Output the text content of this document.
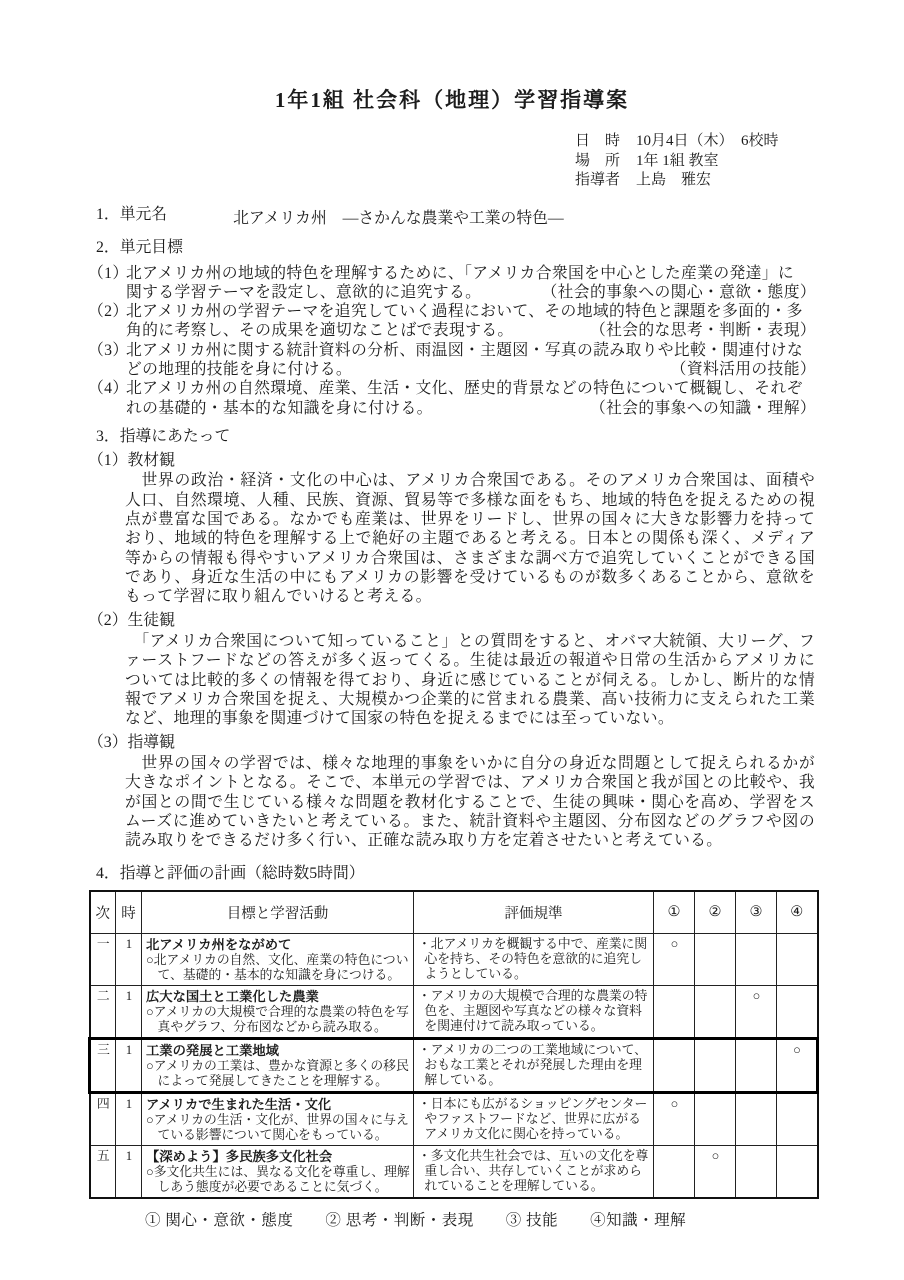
1年1組 社会科（地理）学習指導案
日　時 10月4日（木）　6校時
場　所 1年 1組 教室
指導者 上島　雅宏
1．単元名	北アメリカ州　―さかんな農業や工業の特色―
2．単元目標
（1）
北アメリカ州の地域的特色を理解するために、「アメリカ合衆国を中心とした産業の発達」に
関する学習テーマを設定し、意欲的に追究する。	（社会的事象への関心・意欲・態度）
（2）
北アメリカ州の学習テーマを追究していく過程において、その地域的特色と課題を多面的・多
角的に考察し、その成果を適切なことばで表現する。	（社会的な思考・判断・表現）
（3）
北アメリカ州に関する統計資料の分析、雨温図・主題図・写真の読み取りや比較・関連付けな
どの地理的技能を身に付ける。	（資料活用の技能）
（4）
北アメリカ州の自然環境、産業、生活・文化、歴史的背景などの特色について概観し、それぞ
れの基礎的・基本的な知識を身に付ける。	（社会的事象への知識・理解）
3．指導にあたって
（1）教材観

　世界の政治・経済・文化の中心は、アメリカ合衆国である。そのアメリカ合衆国は、面積や人口、自然環境、人種、民族、資源、貿易等で多様な面をもち、地域的特色を捉えるための視点が豊富な国である。なかでも産業は、世界をリードし、世界の国々に大きな影響力を持っており、地域的特色を理解する上で絶好の主題であると考える。日本との関係も深く、メディア等からの情報も得やすいアメリカ合衆国は、さまざまな調べ方で追究していくことができる国であり、身近な生活の中にもアメリカの影響を受けているものが数多くあることから、意欲をもって学習に取り組んでいけると考える。

（2）生徒観

　「アメリカ合衆国について知っていること」との質問をすると、オバマ大統領、大リーグ、ファーストフードなどの答えが多く返ってくる。生徒は最近の報道や日常の生活からアメリカについては比較的多くの情報を得ており、身近に感じていることが伺える。しかし、断片的な情報でアメリカ合衆国を捉え、大規模かつ企業的に営まれる農業、高い技術力に支えられた工業など、地理的事象を関連づけて国家の特色を捉えるまでには至っていない。

（3）指導観

　世界の国々の学習では、様々な地理的事象をいかに自分の身近な問題として捉えられるかが大きなポイントとなる。そこで、本単元の学習では、アメリカ合衆国と我が国との比較や、我が国との間で生じている様々な問題を教材化することで、生徒の興味・関心を高め、学習をスムーズに進めていきたいと考えている。また、統計資料や主題図、分布図などのグラフや図の読み取りをできるだけ多く行い、正確な読み取り方を定着させたいと考えている。

4．指導と評価の計画（総時数5時間）
次	時	目標と学習活動	評価規準	①	②	③	④
一	1	北アメリカ州をながめて
○北アメリカの自然、文化、産業の特色について、基礎的・基本的な知識を身につける。	・北アメリカを概観する中で、産業に関心を持ち、その特色を意欲的に追究しようとしている。	○			
二	1	広大な国土と工業化した農業
○アメリカの大規模で合理的な農業の特色を写真やグラフ、分布図などから読み取る。	・アメリカの大規模で合理的な農業の特色を、主題図や写真などの様々な資料を関連付けて読み取っている。			○	
三	1	工業の発展と工業地域
○アメリカの工業は、豊かな資源と多くの移民によって発展してきたことを理解する。	・アメリカの二つの工業地域について、おもな工業とそれが発展した理由を理解している。				○
四	1	アメリカで生まれた生活・文化
○アメリカの生活・文化が、世界の国々に与えている影響について関心をもっている。	・日本にも広がるショッピングセンターやファストフードなど、世界に広がるアメリカ文化に関心を持っている。	○			
五	1	【深めよう】多民族多文化社会
○多文化共生には、異なる文化を尊重し、理解しあう態度が必要であることに気づく。	・多文化共生社会では、互いの文化を尊重し合い、共存していくことが求められていることを理解している。		○		
① 関心・意欲・態度　　② 思考・判断・表現　　③ 技能　　④知識・理解
